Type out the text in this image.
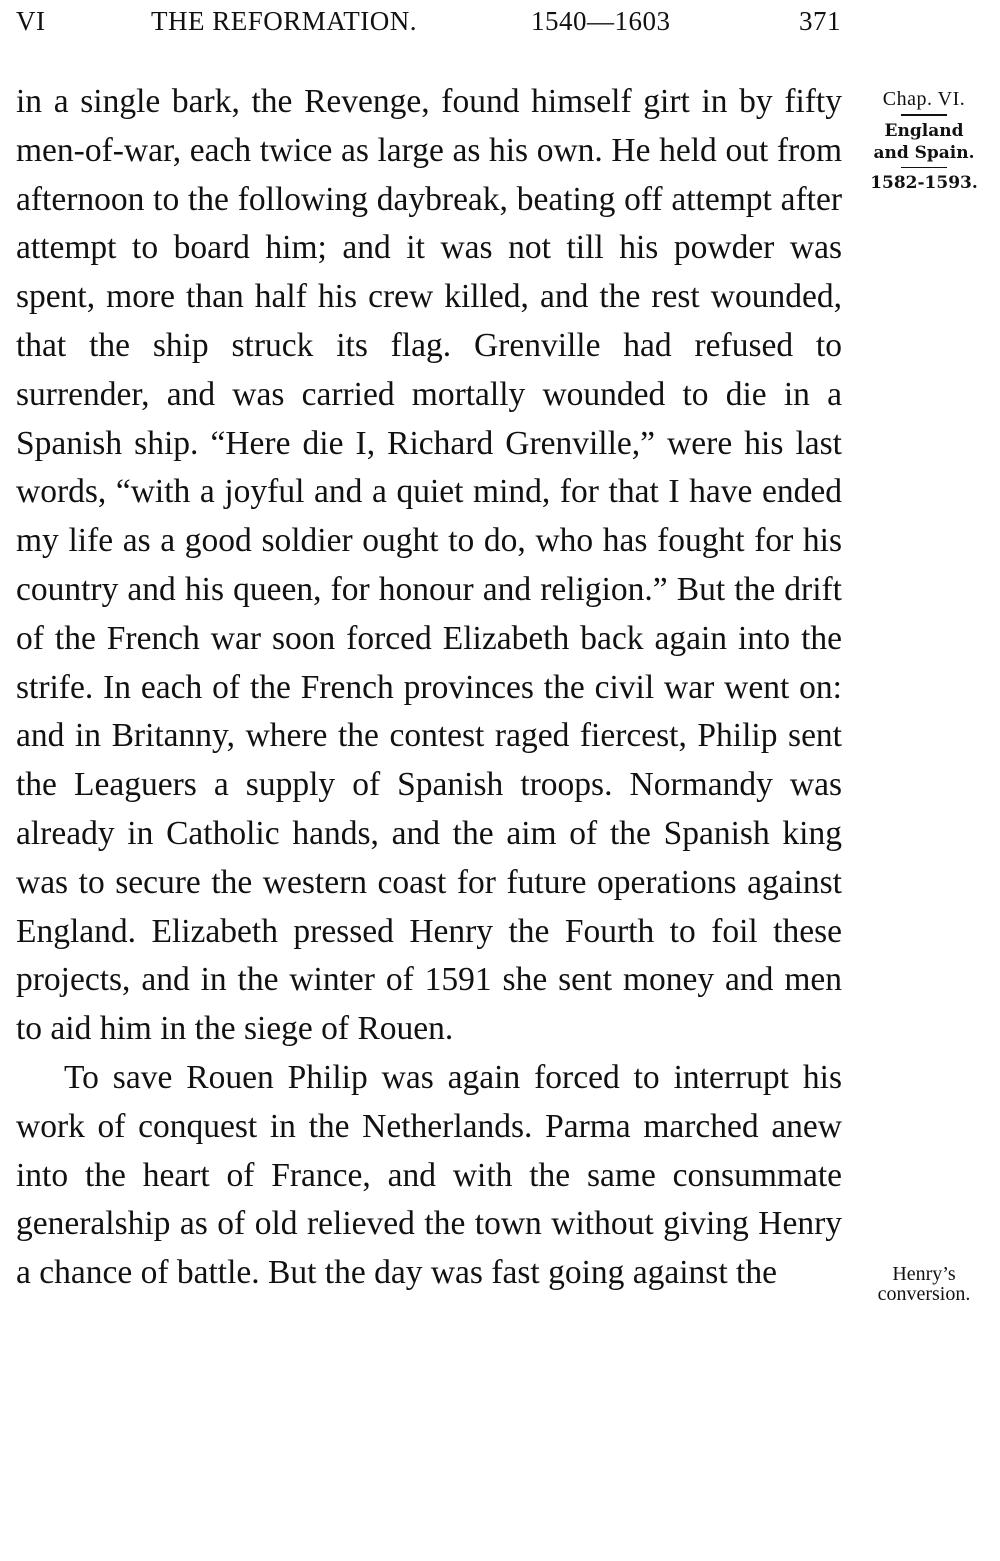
VI	THE REFORMATION.	1540—1603	371

in a single bark, the Revenge, found himself girt in by fifty men-of-war, each twice as large as his own. He held out from afternoon to the following daybreak, beating off attempt after attempt to board him; and it was not till his powder was spent, more than half his crew killed, and the rest wounded, that the ship struck its flag. Grenville had refused to surrender, and was carried mortally wounded to die in a Spanish ship. “Here die I, Richard Grenville,” were his last words, “with a joyful and a quiet mind, for that I have ended my life as a good soldier ought to do, who has fought for his country and his queen, for honour and religion.” But the drift of the French war soon forced Elizabeth back again into the strife. In each of the French provinces the civil war went on: and in Britanny, where the contest raged fiercest, Philip sent the Leaguers a supply of Spanish troops. Normandy was already in Catholic hands, and the aim of the Spanish king was to secure the western coast for future operations against England. Elizabeth pressed Henry the Fourth to foil these projects, and in the winter of 1591 she sent money and men to aid him in the siege of Rouen.

To save Rouen Philip was again forced to interrupt his work of conquest in the Netherlands. Parma marched anew into the heart of France, and with the same consummate generalship as of old relieved the town without giving Henry a chance of battle. But the day was fast going against the

Chap. VI.
England
and Spain.
1582-1593.
Henry’s
conversion.
